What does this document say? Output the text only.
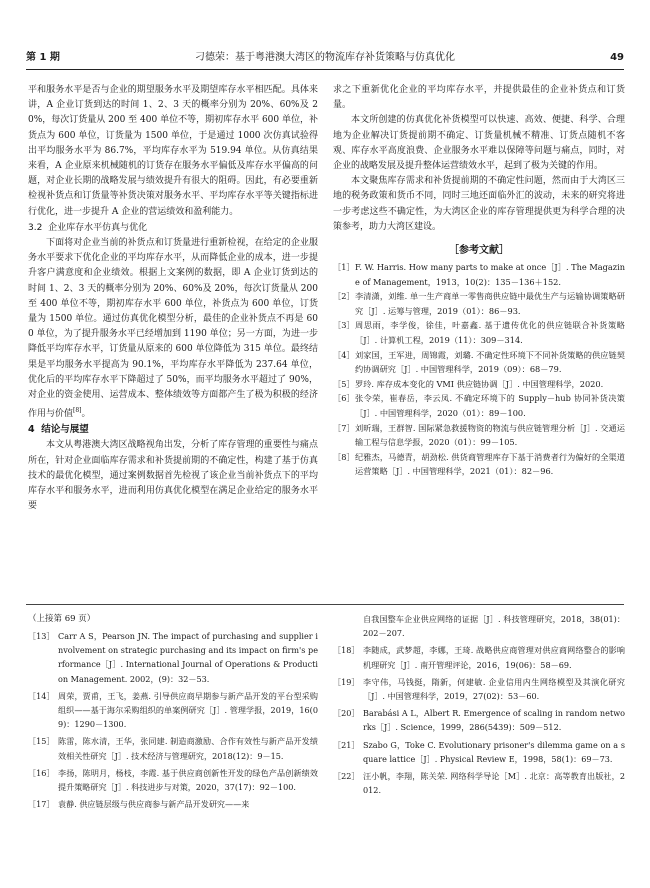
第 1 期	刁德荣：基于粤港澳大湾区的物流库存补货策略与仿真优化	49

平和服务水平是否与企业的期望服务水平及期望库存水平相匹配。具体来讲，A 企业订货到达的时间 1、2、3 天的概率分别为 20%、60%及 20%，每次订货量从 200 至 400 单位不等，期初库存水平 600 单位，补货点为 600 单位，订货量为 1500 单位，于是通过 1000 次仿真试验得出平均服务水平为 86.7%，平均库存水平为 519.94 单位。从仿真结果来看，A 企业原来机械随机的订货存在服务水平偏低及库存水平偏高的问题，对企业长期的战略发展与绩效提升有很大的阻碍。因此，有必要重新检视补货点和订货量等补货决策对服务水平、平均库存水平等关键指标进行优化，进一步提升 A 企业的营运绩效和盈利能力。

3.2 企业库存水平仿真与优化

下面将对企业当前的补货点和订货量进行重新检视，在给定的企业服务水平要求下优化企业的平均库存水平，从而降低企业的成本，进一步提升客户满意度和企业绩效。根据上文案例的数据，即 A 企业订货到达的时间 1、2、3 天的概率分别为 20%、60%及 20%，每次订货量从 200 至 400 单位不等，期初库存水平 600 单位，补货点为 600 单位，订货量为 1500 单位。通过仿真优化模型分析，最佳的企业补货点不再是 600 单位，为了提升服务水平已经增加到 1190 单位；另一方面，为进一步降低平均库存水平，订货量从原来的 600 单位降低为 315 单位。最终结果是平均服务水平提高为 90.1%，平均库存水平降低为 237.64 单位，优化后的平均库存水平下降超过了 50%，而平均服务水平超过了 90%，对企业的资金使用、运营成本、整体绩效等方面都产生了极为积极的经济作用与价值[8]。

4 结论与展望

本文从粤港澳大湾区战略视角出发，分析了库存管理的重要性与痛点所在，针对企业面临库存需求和补货提前期的不确定性，构建了基于仿真技术的最优化模型，通过案例数据首先检视了该企业当前补货点下的平均库存水平和服务水平，进而利用仿真优化模型在满足企业给定的服务水平要

求之下重新优化企业的平均库存水平，并提供最佳的企业补货点和订货量。

本文所创建的仿真优化补货模型可以快速、高效、便捷、科学、合理地为企业解决订货提前期不确定、订货量机械不精准、订货点随机不客观、库存水平高度浪费、企业服务水平难以保障等问题与痛点，同时，对企业的战略发展及提升整体运营绩效水平，起到了极为关键的作用。

本文聚焦库存需求和补货提前期的不确定性问题，然而由于大湾区三地的税务政策和货币不同，同时三地还面临外汇的波动，未来的研究将进一步考虑这些不确定性，为大湾区企业的库存管理提供更为科学合理的决策参考，助力大湾区建设。

［参考文献］
［1］ F. W. Harris. How many parts to make at once［J］. The Magazine of Management，1913，10(2)：135－136＋152.
［2］ 李清潇，刘维. 单一生产商单一零售商供应链中最优生产与运输协调策略研究［J］. 运筹与管理，2019（01）：86－93.
［3］ 周思雨，李学俊，徐佳，叶嘉鑫. 基于遗传优化的供应链联合补货策略［J］. 计算机工程，2019（11）：309－314.
［4］ 刘家国，王军进，周锦霞，刘璐. 不确定性环境下不同补货策略的供应链契约协调研究［J］. 中国管理科学，2019（09）：68－79.
［5］ 罗玲. 库存成本变化的 VMI 供应链协调［J］. 中国管理科学，2020.
［6］ 张令荣，崔春岳，李云凤. 不确定环境下的 Supply－hub 协同补货决策［J］. 中国管理科学，2020（01）：89－100.
［7］ 刘昕瑞，王群智. 国际紧急救援物资的物流与供应链管理分析［J］. 交通运输工程与信息学报，2020（01）：99－105.
［8］ 纪雅杰，马德青，胡劲松. 供货商管理库存下基于消费者行为偏好的全渠道运营策略［J］. 中国管理科学，2021（01）：82－96.
（上接第 69 页）
［13］ Carr A S，Pearson JN. The impact of purchasing and supplier involvement on strategic purchasing and its impact on firm's performance［J］. International Journal of Operations & Production Management. 2002，(9)：32－53.
［14］ 周荣，贾甫，王飞，姜燕. 引导供应商早期参与新产品开发的平台型采购组织——基于海尔采购组织的单案例研究［J］. 管理学报，2019，16(09)：1290－1300.
［15］ 陈雷，陈水清，王华，张同建. 制造商激励、合作有效性与新产品开发绩效相关性研究［J］. 技术经济与管理研究，2018(12)：9－15.
［16］ 李扬，陈明月，杨枝，李霞. 基于供应商创新性开发的绿色产品创新绩效提升策略研究［J］. 科技进步与对策，2020，37(17)：92－100.
［17］ 袁静. 供应链层级与供应商参与新产品开发研究——来
自我国整车企业供应网络的证据［J］. 科技管理研究，2018，38(01)：202－207.
［18］ 李随成，武梦超，李娜，王琦. 战略供应商管理对供应商网络整合的影响机理研究［J］. 南开管理评论，2016，19(06)：58－69.
［19］ 李守伟，马钱挺，隋新，何建敏. 企业信用内生网络模型及其演化研究［J］. 中国管理科学，2019，27(02)：53－60.
［20］ Barabási A L，Albert R. Emergence of scaling in random networks［J］. Science，1999，286(5439)：509－512.
［21］ Szabo G，Toke C. Evolutionary prisoner's dilemma game on a square lattice［J］. Physical Review E，1998，58(1)：69－73.
［22］ 汪小帆，李翔，陈关荣. 网络科学导论［M］. 北京：高等教育出版社，2012.
